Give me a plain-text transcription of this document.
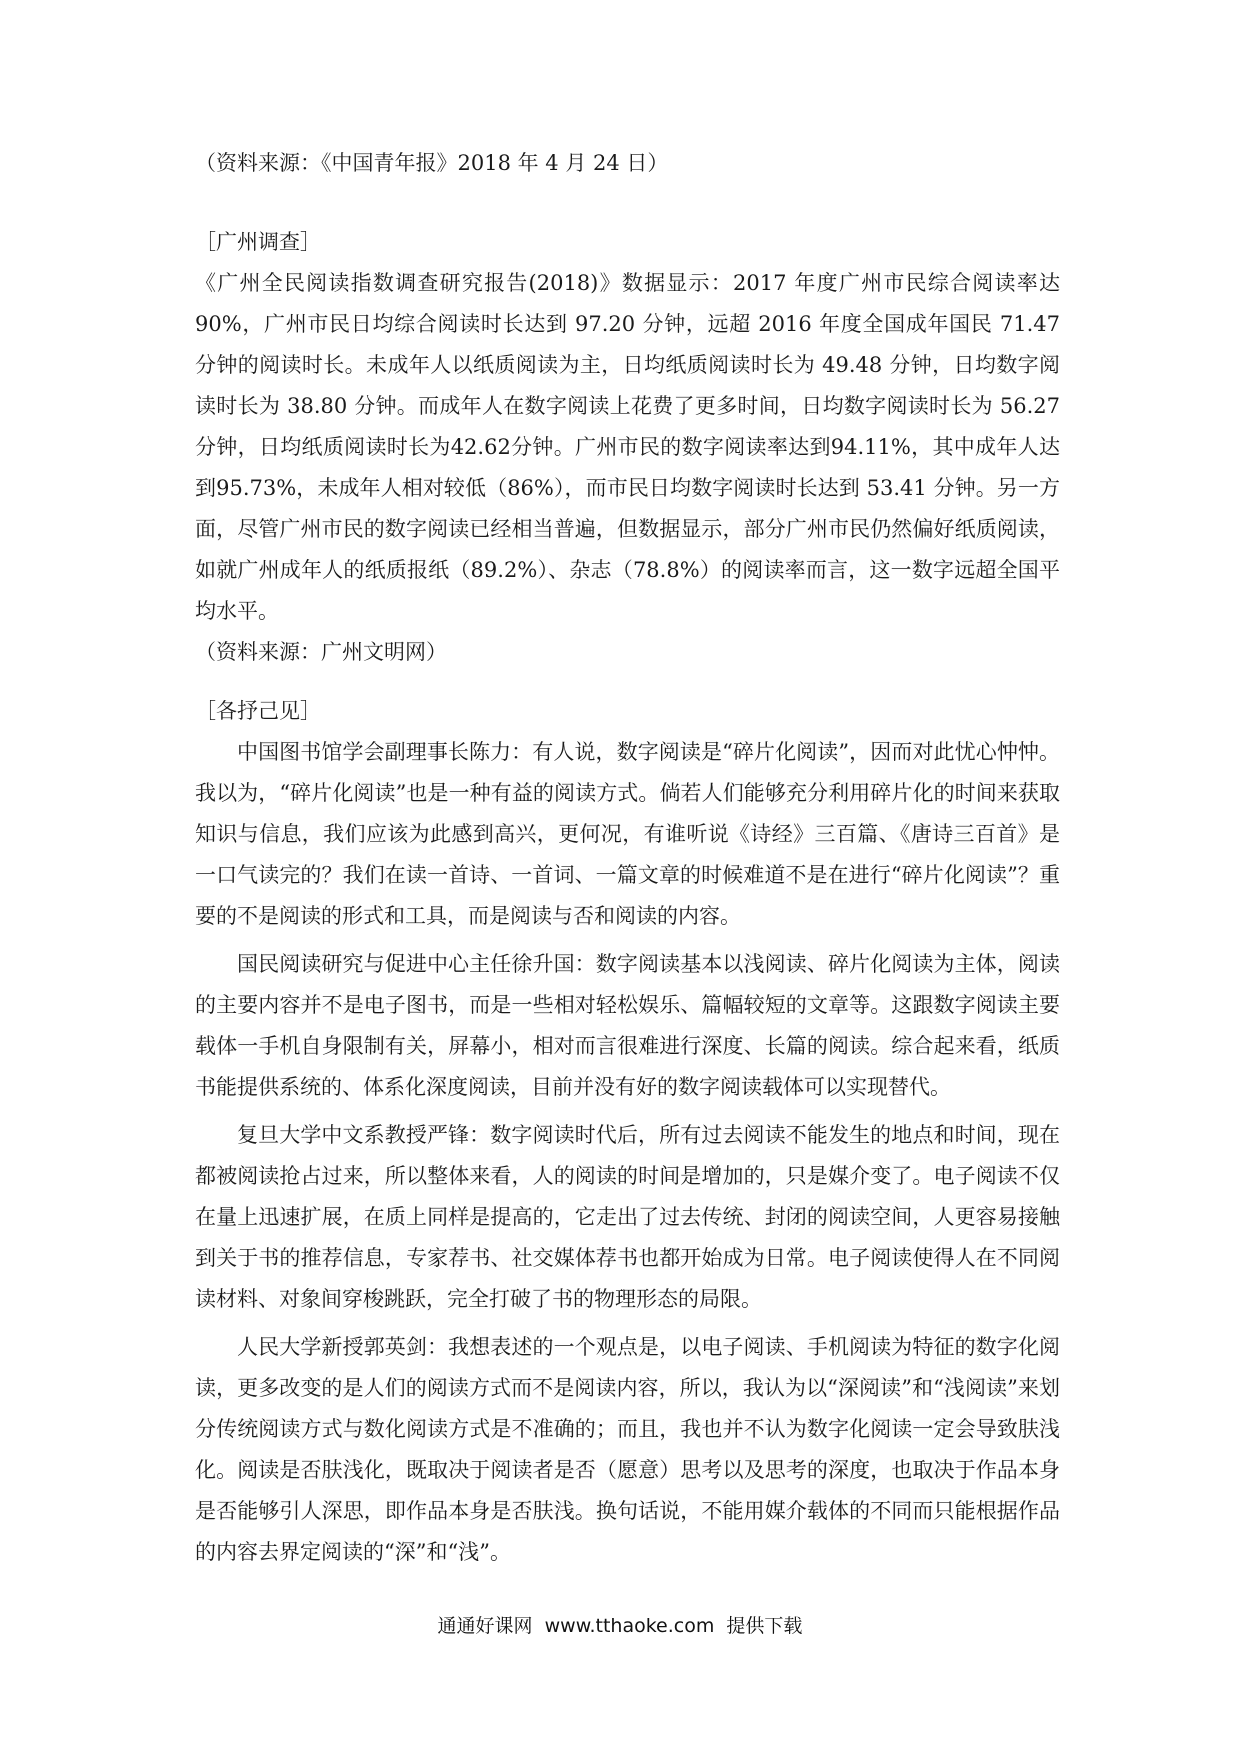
（资料来源：《中国青年报》2018 年 4 月 24 日）

［广州调查］

《广州全民阅读指数调查研究报告(2018)》数据显示：2017 年度广州市民综合阅读率达 90%，广州市民日均综合阅读时长达到 97.20 分钟，远超 2016 年度全国成年国民 71.47 分钟的阅读时长。未成年人以纸质阅读为主，日均纸质阅读时长为 49.48 分钟，日均数字阅读时长为 38.80 分钟。而成年人在数字阅读上花费了更多时间，日均数字阅读时长为 56.27 分钟，日均纸质阅读时长为42.62分钟。广州市民的数字阅读率达到94.11%，其中成年人达到95.73%，未成年人相对较低（86%），而市民日均数字阅读时长达到 53.41 分钟。另一方面，尽管广州市民的数字阅读已经相当普遍，但数据显示，部分广州市民仍然偏好纸质阅读，如就广州成年人的纸质报纸（89.2%）、杂志（78.8%）的阅读率而言，这一数字远超全国平均水平。

（资料来源：广州文明网）

［各抒己见］

中国图书馆学会副理事长陈力：有人说，数字阅读是“碎片化阅读”，因而对此忧心忡忡。我以为，“碎片化阅读”也是一种有益的阅读方式。倘若人们能够充分利用碎片化的时间来获取知识与信息，我们应该为此感到高兴，更何况，有谁听说《诗经》三百篇、《唐诗三百首》是一口气读完的？我们在读一首诗、一首词、一篇文章的时候难道不是在进行“碎片化阅读”？重要的不是阅读的形式和工具，而是阅读与否和阅读的内容。

国民阅读研究与促进中心主任徐升国：数字阅读基本以浅阅读、碎片化阅读为主体，阅读的主要内容并不是电子图书，而是一些相对轻松娱乐、篇幅较短的文章等。这跟数字阅读主要载体一手机自身限制有关，屏幕小，相对而言很难进行深度、长篇的阅读。综合起来看，纸质书能提供系统的、体系化深度阅读，目前并没有好的数字阅读载体可以实现替代。

复旦大学中文系教授严锋：数字阅读时代后，所有过去阅读不能发生的地点和时间，现在都被阅读抢占过来，所以整体来看，人的阅读的时间是增加的，只是媒介变了。电子阅读不仅在量上迅速扩展，在质上同样是提高的，它走出了过去传统、封闭的阅读空间，人更容易接触到关于书的推荐信息，专家荐书、社交媒体荐书也都开始成为日常。电子阅读使得人在不同阅读材料、对象间穿梭跳跃，完全打破了书的物理形态的局限。

人民大学新授郭英剑：我想表述的一个观点是，以电子阅读、手机阅读为特征的数字化阅读，更多改变的是人们的阅读方式而不是阅读内容，所以，我认为以“深阅读”和“浅阅读”来划分传统阅读方式与数化阅读方式是不准确的；而且，我也并不认为数字化阅读一定会导致肤浅化。阅读是否肤浅化，既取决于阅读者是否（愿意）思考以及思考的深度，也取决于作品本身是否能够引人深思，即作品本身是否肤浅。换句话说，不能用媒介载体的不同而只能根据作品的内容去界定阅读的“深”和“浅”。

通通好课网 www.tthaoke.com 提供下载
